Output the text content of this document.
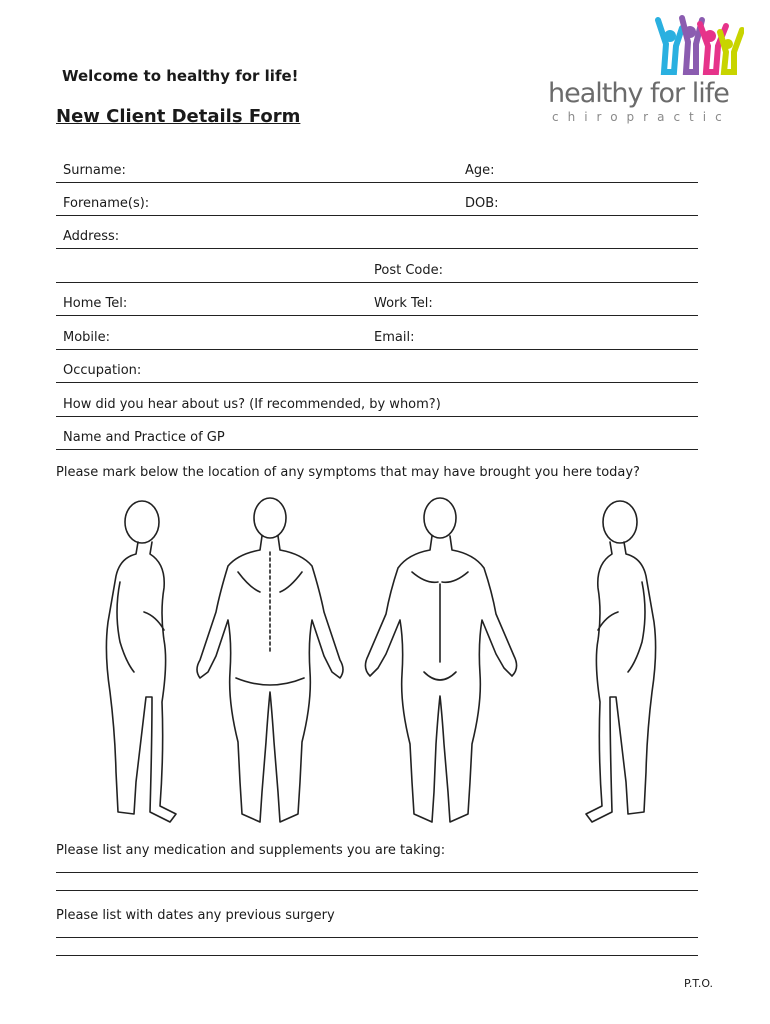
Welcome to healthy for life!
New Client Details Form
healthy for life
chiropractic
Surname:	Age:
Forename(s):	DOB:
Address:
Post Code:
Home Tel:	Work Tel:
Mobile:	Email:
Occupation:
How did you hear about us? (If recommended, by whom?)
Name and Practice of GP
Please mark below the location of any symptoms that may have brought you here today?
Please list any medication and supplements you are taking:
Please list with dates any previous surgery
P.T.O.
